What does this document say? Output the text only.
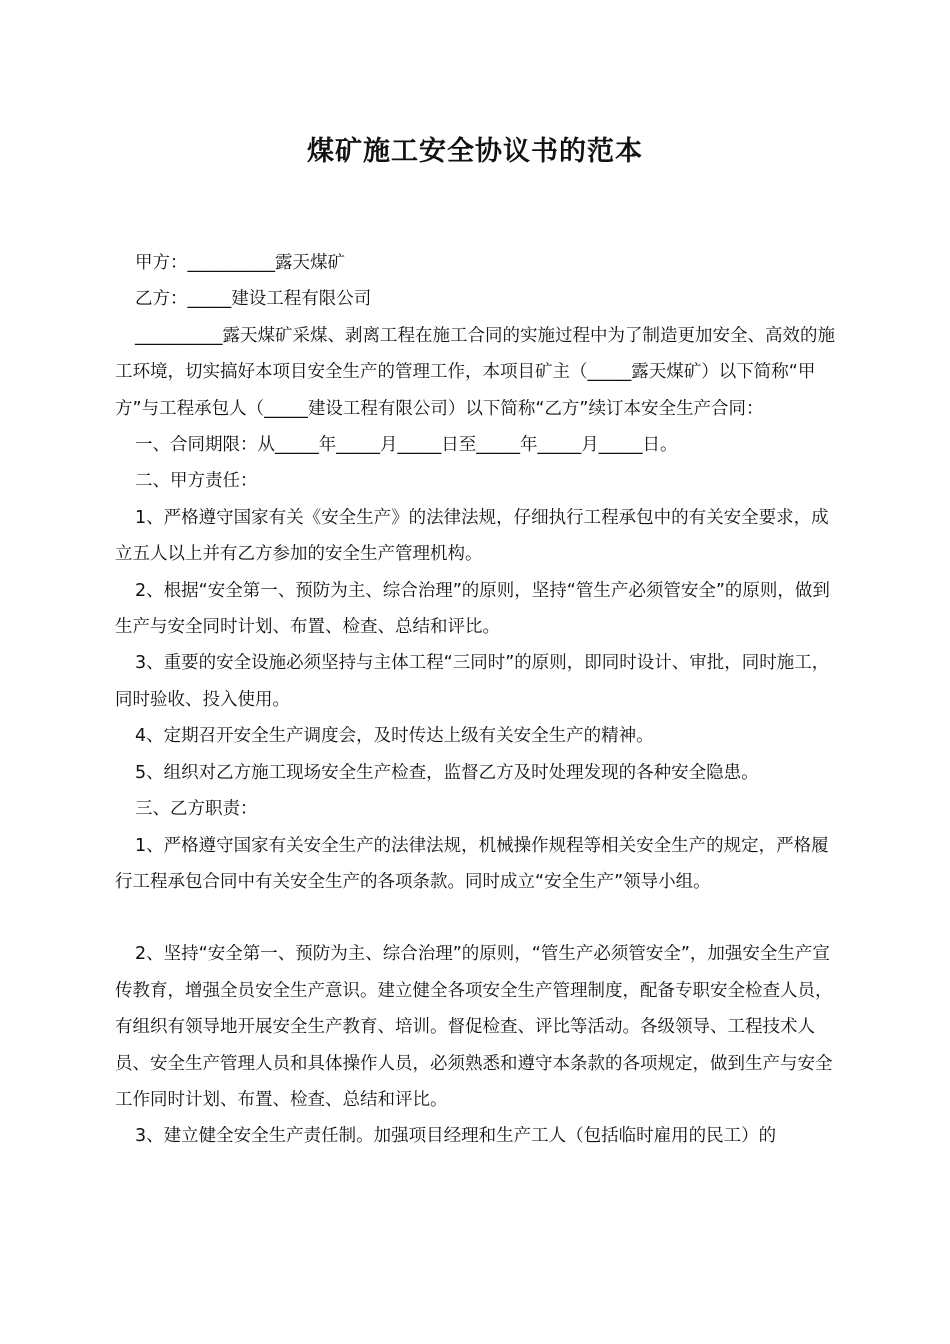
煤矿施工安全协议书的范本

甲方：__________露天煤矿

乙方：_____建设工程有限公司

__________露天煤矿采煤、剥离工程在施工合同的实施过程中为了制造更加安全、高效的施工环境，切实搞好本项目安全生产的管理工作，本项目矿主（_____露天煤矿）以下简称“甲方”与工程承包人（_____建设工程有限公司）以下简称“乙方”续订本安全生产合同：

一、合同期限：从_____年_____月_____日至_____年_____月_____日。

二、甲方责任：

1、严格遵守国家有关《安全生产》的法律法规，仔细执行工程承包中的有关安全要求，成立五人以上并有乙方参加的安全生产管理机构。

2、根据“安全第一、预防为主、综合治理”的原则，坚持“管生产必须管安全”的原则，做到生产与安全同时计划、布置、检查、总结和评比。

3、重要的安全设施必须坚持与主体工程“三同时”的原则，即同时设计、审批，同时施工，同时验收、投入使用。

4、定期召开安全生产调度会，及时传达上级有关安全生产的精神。

5、组织对乙方施工现场安全生产检查，监督乙方及时处理发现的各种安全隐患。

三、乙方职责：

1、严格遵守国家有关安全生产的法律法规，机械操作规程等相关安全生产的规定，严格履行工程承包合同中有关安全生产的各项条款。同时成立“安全生产”领导小组。

2、坚持“安全第一、预防为主、综合治理”的原则，“管生产必须管安全”，加强安全生产宣传教育，增强全员安全生产意识。建立健全各项安全生产管理制度，配备专职安全检查人员，有组织有领导地开展安全生产教育、培训。督促检查、评比等活动。各级领导、工程技术人员、安全生产管理人员和具体操作人员，必须熟悉和遵守本条款的各项规定，做到生产与安全工作同时计划、布置、检查、总结和评比。

3、建立健全安全生产责任制。加强项目经理和生产工人（包括临时雇用的民工）的
